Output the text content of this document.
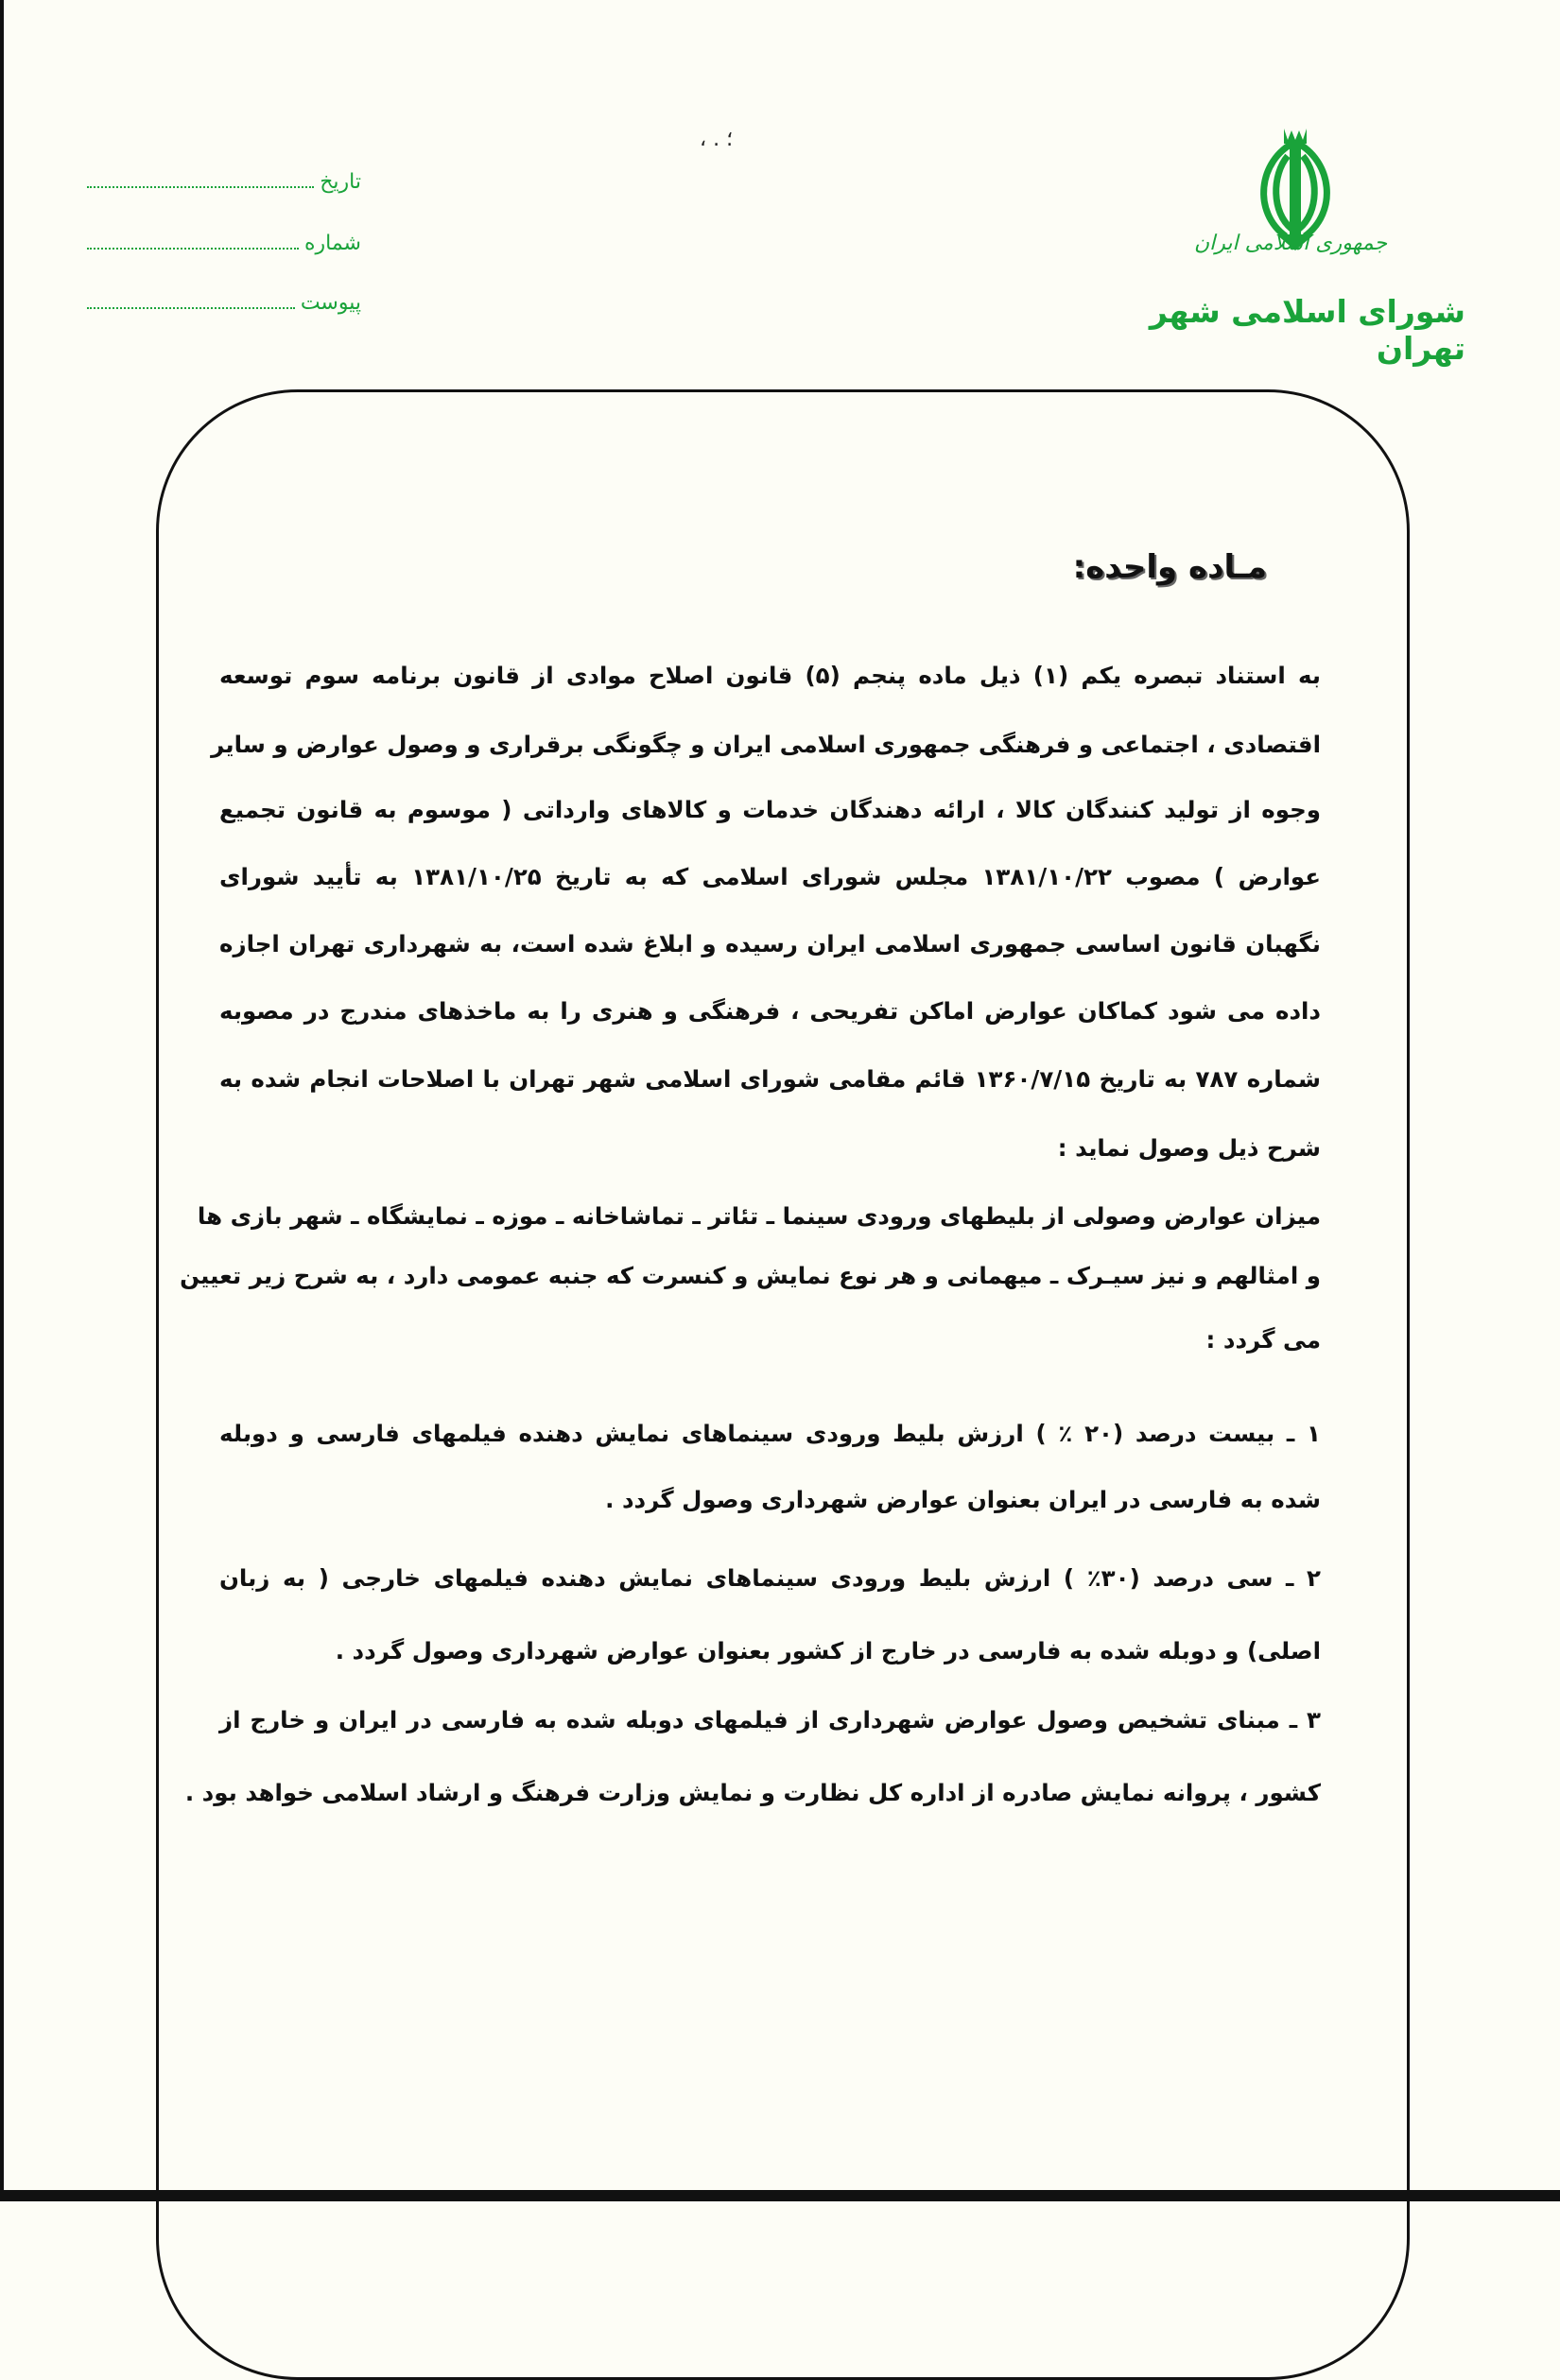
، . ؛
جمهوری اسلامی ایران
شورای اسلامی شهر تهران
تاریخ
شماره
پیوست
مـاده واحده:
به استناد تبصره یکم (۱) ذیل ماده پنجم (۵) قانون اصلاح موادی از قانون برنامه سوم توسعه
اقتصادی ، اجتماعی و فرهنگی جمهوری اسلامی ایران و چگونگی برقراری و وصول عوارض و سایر
وجوه از تولید کنندگان کالا ، ارائه دهندگان خدمات و کالاهای وارداتی ( موسوم به قانون تجمیع
عوارض ) مصوب ۱۳۸۱/۱۰/۲۲ مجلس شورای اسلامی که به تاریخ ۱۳۸۱/۱۰/۲۵ به تأیید شورای
نگهبان قانون اساسی جمهوری اسلامی ایران رسیده و ابلاغ شده است، به شهرداری تهران اجازه
داده می شود کماکان عوارض اماکن تفریحی ، فرهنگی و هنری را به ماخذهای مندرج در مصوبه
شماره ۷۸۷ به تاریخ ۱۳۶۰/۷/۱۵ قائم مقامی شورای اسلامی شهر تهران با اصلاحات انجام شده به
شرح ذیل وصول نماید :
میزان عوارض وصولی از بلیطهای ورودی سینما ـ تئاتر ـ تماشاخانه ـ موزه ـ نمایشگاه ـ شهر بازی ها
و امثالهم و نیز سیـرک ـ میهمانی و هر نوع نمایش و کنسرت که جنبه عمومی دارد ، به شرح زیر تعیین
می گردد :
۱ ـ بیست درصد (۲۰ ٪ ) ارزش بلیط ورودی سینماهای نمایش دهنده فیلمهای فارسی و دوبله
شده به فارسی در ایران بعنوان عوارض شهرداری وصول گردد .
۲ ـ سی درصد (۳۰٪ ) ارزش بلیط ورودی سینماهای نمایش دهنده فیلمهای خارجی ( به زبان
اصلی) و دوبله شده به فارسی در خارج از کشور بعنوان عوارض شهرداری وصول گردد .
۳ ـ مبنای تشخیص وصول عوارض شهرداری از فیلمهای دوبله شده به فارسی در ایران و خارج از
کشور ، پروانه نمایش صادره از اداره کل نظارت و نمایش وزارت فرهنگ و ارشاد اسلامی خواهد بود .
